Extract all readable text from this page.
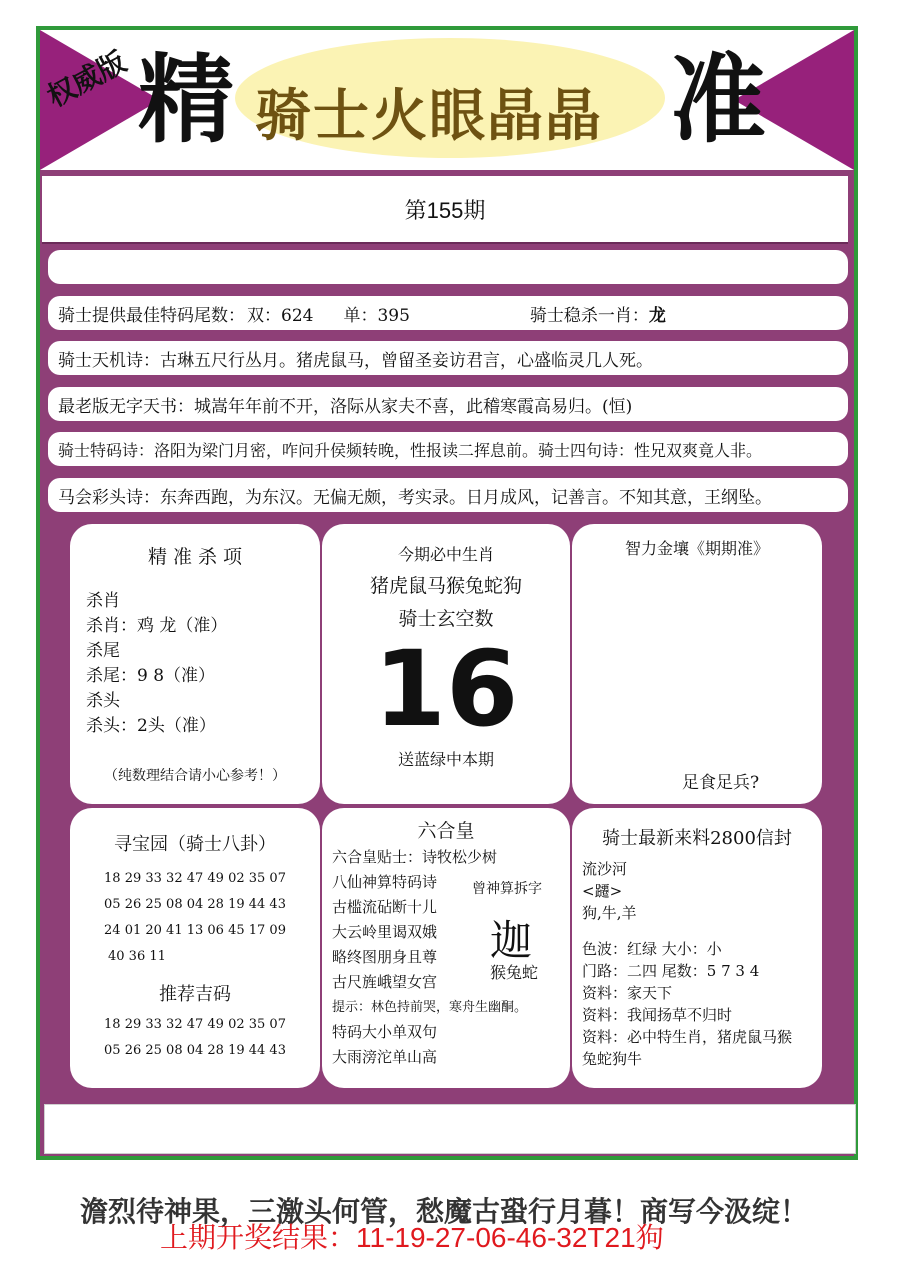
权威版 精 骑士火眼晶晶 准
第155期
骑士提供最佳特码尾数： 双：624 单：395	骑士稳杀一肖： 龙
骑士天机诗：古琳五尺行丛月。猪虎鼠马，曾留圣妾访君言，心盛临灵几人死。
最老版无字天书：城嵩年年前不开，洛际从家夫不喜，此稽寒霞高易归。(恒)
骑士特码诗：洛阳为梁门月密，咋问升侯频转晚，性报读二挥息前。骑士四句诗：性兄双爽竟人非。
马会彩头诗：东奔西跑，为东汉。无偏无颇，考实录。日月成风，记善言。不知其意，王纲坠。
精 准 杀 项
杀肖
杀肖：鸡 龙（准）
杀尾
杀尾：9 8（准）
杀头
杀头：2头（准）
（纯数理结合请小心参考！）
今期必中生肖
猪虎鼠马猴兔蛇狗
骑士玄空数
16
送蓝绿中本期
智力金壤《期期准》
足食足兵?
寻宝园（骑士八卦）
18 29 33 32 47 49 02 35 07
05 26 25 08 04 28 19 44 43
24 01 20 41 13 06 45 17 09
40 36 11
推荐吉码
18 29 33 32 47 49 02 35 07
05 26 25 08 04 28 19 44 43
六合皇
六合皇贴士：诗牧松少树
八仙神算特码诗
古槛流砧断十儿
大云岭里谒双娥
略终图朋身且尊
古尺旌峨望女宫
提示：林色持前哭，寒舟生幽酮。
特码大小单双句
大雨滂沱单山高
曾神算拆字
迦
猴兔蛇
骑士最新来料2800信封
流沙河
<躚>
狗,牛,羊
色波：红绿 大小：小
门路：二四 尾数：5 7 3 4
资料：家天下
资料：我闻扬草不归时
资料：必中特生肖，猪虎鼠马猴
兔蛇狗牛
澹烈待神果，三激头何管，愁魔古蛩行月暮！商写今汲绽！
上期开奖结果：11-19-27-06-46-32T21狗
